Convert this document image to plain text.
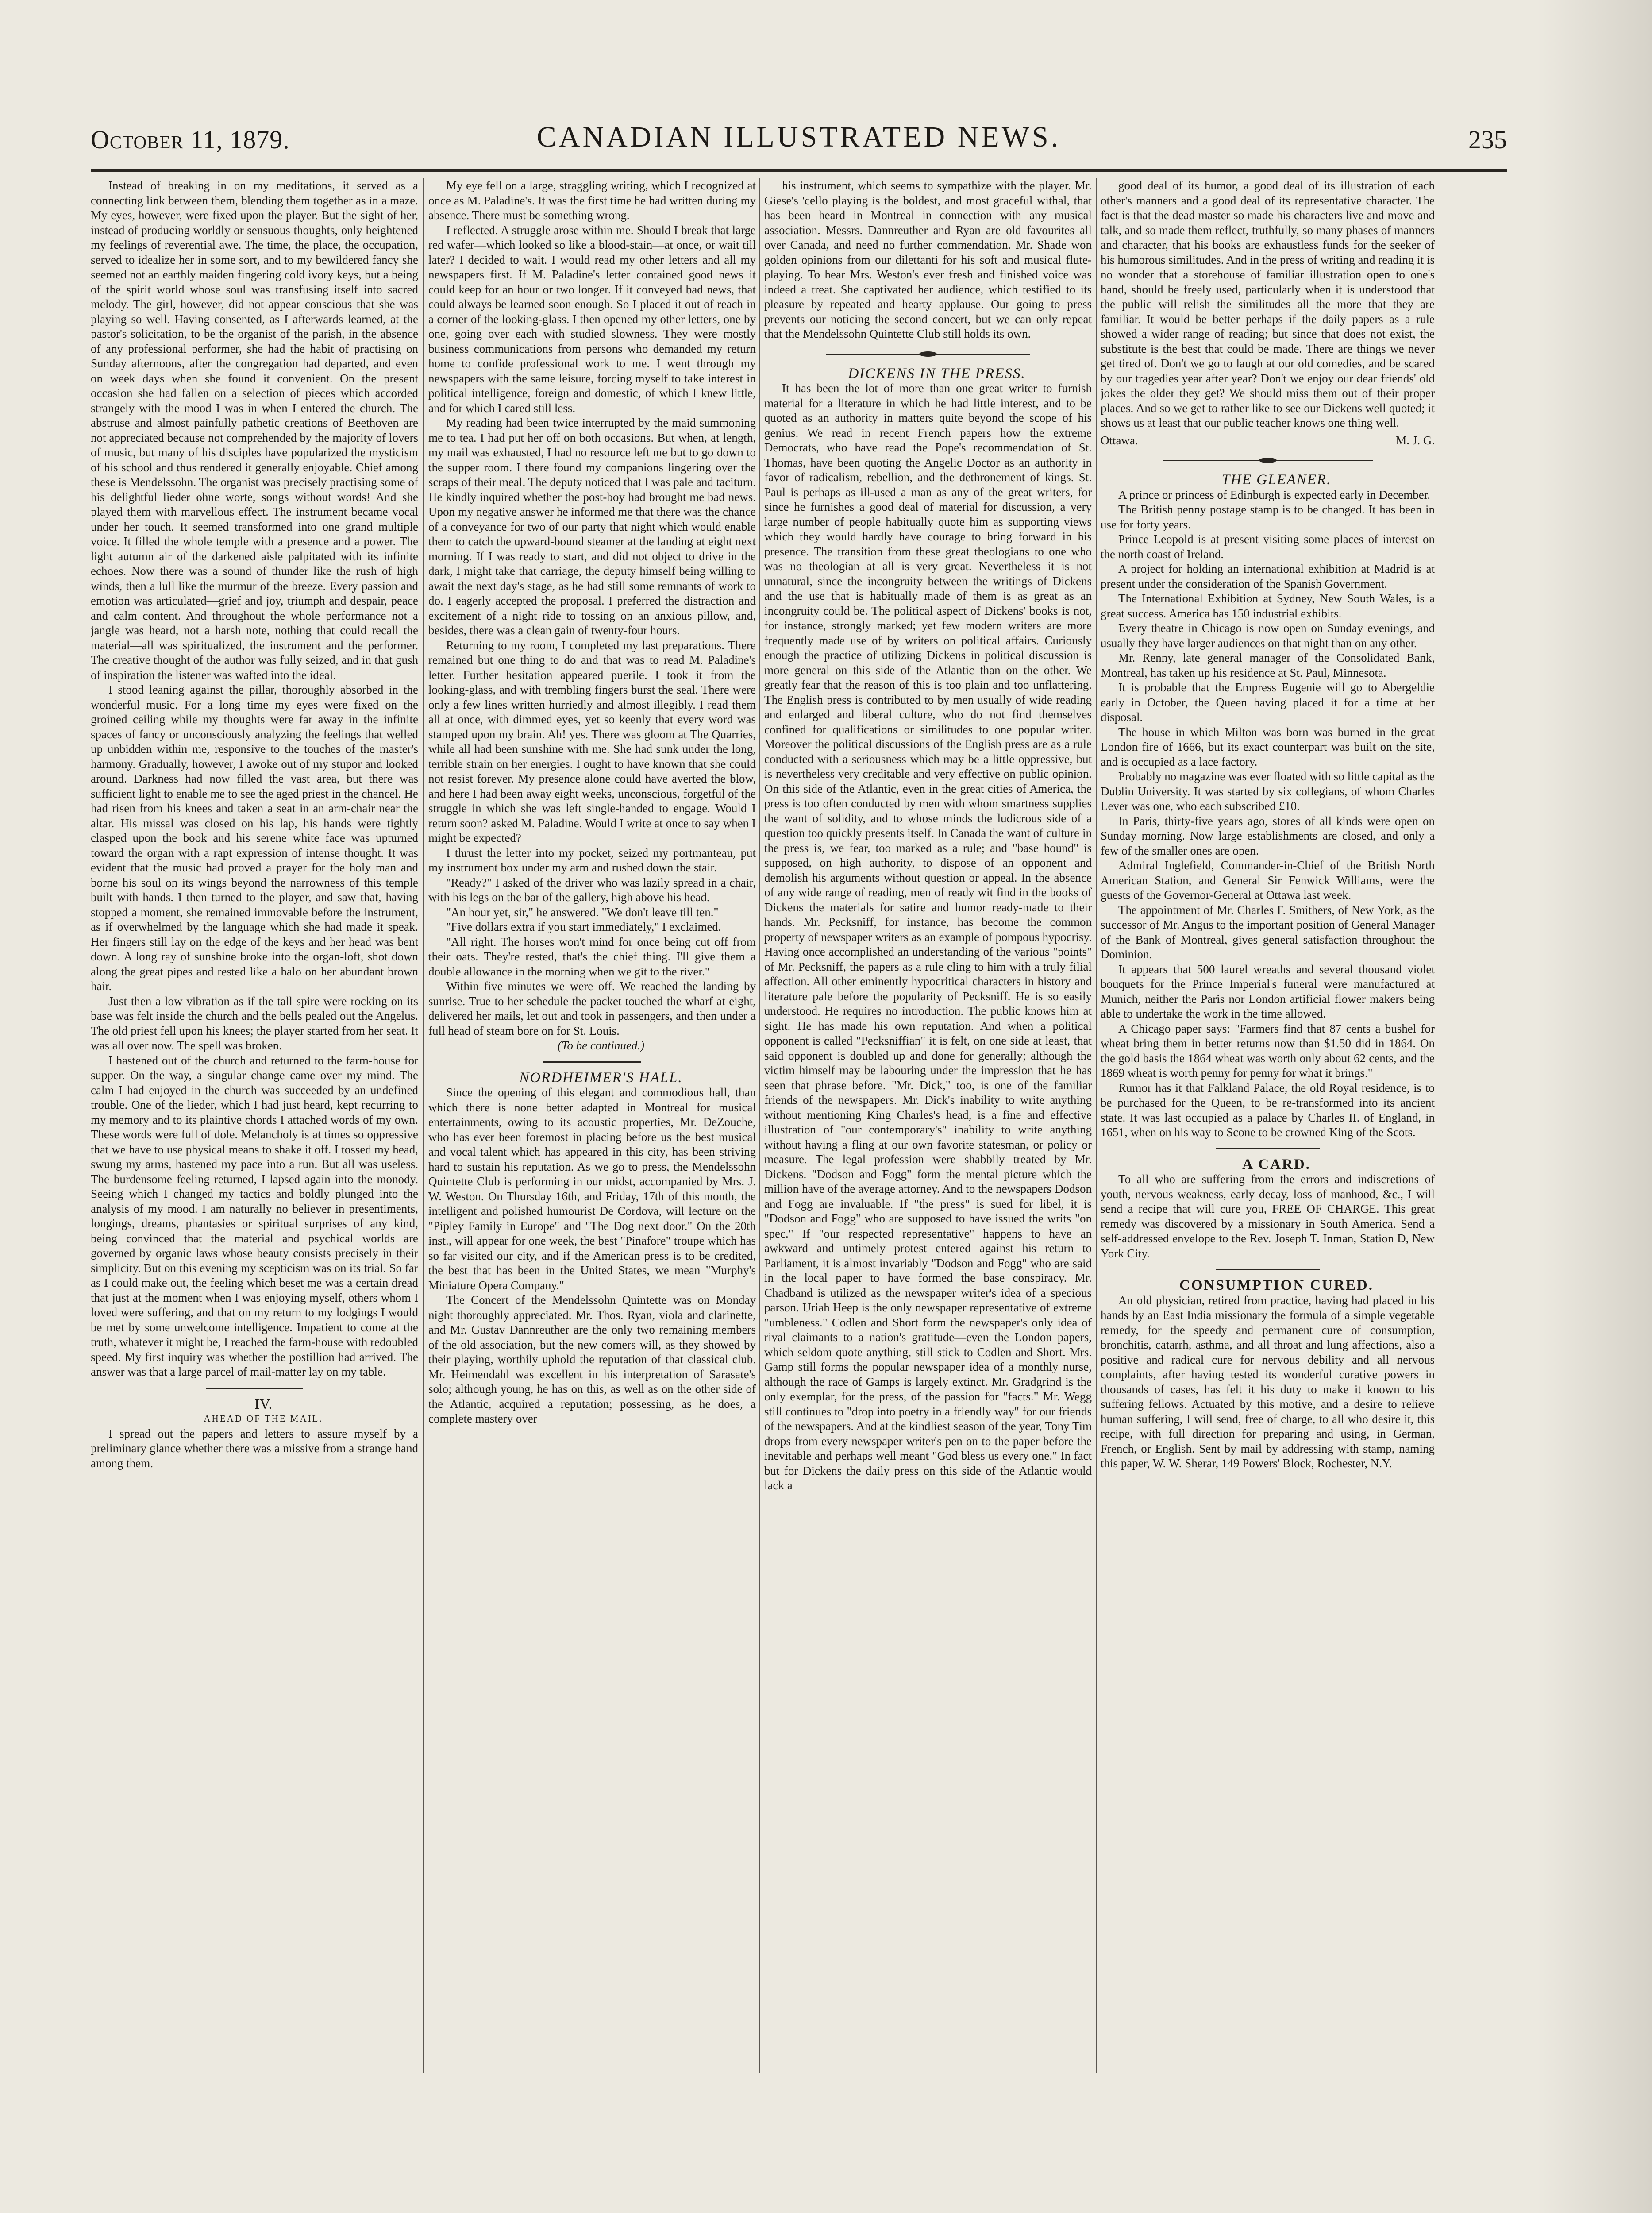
October 11, 1879.	CANADIAN ILLUSTRATED NEWS.	235

Instead of breaking in on my meditations, it served as a connecting link between them, blending them together as in a maze. My eyes, however, were fixed upon the player. But the sight of her, instead of producing worldly or sensuous thoughts, only heightened my feelings of reverential awe. The time, the place, the occupation, served to idealize her in some sort, and to my bewildered fancy she seemed not an earthly maiden fingering cold ivory keys, but a being of the spirit world whose soul was transfusing itself into sacred melody. The girl, however, did not appear conscious that she was playing so well. Having consented, as I afterwards learned, at the pastor's solicitation, to be the organist of the parish, in the absence of any professional performer, she had the habit of practising on Sunday afternoons, after the congregation had departed, and even on week days when she found it convenient. On the present occasion she had fallen on a selection of pieces which accorded strangely with the mood I was in when I entered the church. The abstruse and almost painfully pathetic creations of Beethoven are not appreciated because not comprehended by the majority of lovers of music, but many of his disciples have popularized the mysticism of his school and thus rendered it generally enjoyable. Chief among these is Mendelssohn. The organist was precisely practising some of his delightful lieder ohne worte, songs without words! And she played them with marvellous effect. The instrument became vocal under her touch. It seemed transformed into one grand multiple voice. It filled the whole temple with a presence and a power. The light autumn air of the darkened aisle palpitated with its infinite echoes. Now there was a sound of thunder like the rush of high winds, then a lull like the murmur of the breeze. Every passion and emotion was articulated—grief and joy, triumph and despair, peace and calm content. And throughout the whole performance not a jangle was heard, not a harsh note, nothing that could recall the material—all was spiritualized, the instrument and the performer. The creative thought of the author was fully seized, and in that gush of inspiration the listener was wafted into the ideal.

I stood leaning against the pillar, thoroughly absorbed in the wonderful music. For a long time my eyes were fixed on the groined ceiling while my thoughts were far away in the infinite spaces of fancy or unconsciously analyzing the feelings that welled up unbidden within me, responsive to the touches of the master's harmony. Gradually, however, I awoke out of my stupor and looked around. Darkness had now filled the vast area, but there was sufficient light to enable me to see the aged priest in the chancel. He had risen from his knees and taken a seat in an arm-chair near the altar. His missal was closed on his lap, his hands were tightly clasped upon the book and his serene white face was upturned toward the organ with a rapt expression of intense thought. It was evident that the music had proved a prayer for the holy man and borne his soul on its wings beyond the narrowness of this temple built with hands. I then turned to the player, and saw that, having stopped a moment, she remained immovable before the instrument, as if overwhelmed by the language which she had made it speak. Her fingers still lay on the edge of the keys and her head was bent down. A long ray of sunshine broke into the organ-loft, shot down along the great pipes and rested like a halo on her abundant brown hair.

Just then a low vibration as if the tall spire were rocking on its base was felt inside the church and the bells pealed out the Angelus. The old priest fell upon his knees; the player started from her seat. It was all over now. The spell was broken.

I hastened out of the church and returned to the farm-house for supper. On the way, a singular change came over my mind. The calm I had enjoyed in the church was succeeded by an undefined trouble. One of the lieder, which I had just heard, kept recurring to my memory and to its plaintive chords I attached words of my own. These words were full of dole. Melancholy is at times so oppressive that we have to use physical means to shake it off. I tossed my head, swung my arms, hastened my pace into a run. But all was useless. The burdensome feeling returned, I lapsed again into the monody. Seeing which I changed my tactics and boldly plunged into the analysis of my mood. I am naturally no believer in presentiments, longings, dreams, phantasies or spiritual surprises of any kind, being convinced that the material and psychical worlds are governed by organic laws whose beauty consists precisely in their simplicity. But on this evening my scepticism was on its trial. So far as I could make out, the feeling which beset me was a certain dread that just at the moment when I was enjoying myself, others whom I loved were suffering, and that on my return to my lodgings I would be met by some unwelcome intelligence. Impatient to come at the truth, whatever it might be, I reached the farm-house with redoubled speed. My first inquiry was whether the postillion had arrived. The answer was that a large parcel of mail-matter lay on my table.

IV.

AHEAD OF THE MAIL.

I spread out the papers and letters to assure myself by a preliminary glance whether there was a missive from a strange hand among them.

My eye fell on a large, straggling writing, which I recognized at once as M. Paladine's. It was the first time he had written during my absence. There must be something wrong.

I reflected. A struggle arose within me. Should I break that large red wafer—which looked so like a blood-stain—at once, or wait till later? I decided to wait. I would read my other letters and all my newspapers first. If M. Paladine's letter contained good news it could keep for an hour or two longer. If it conveyed bad news, that could always be learned soon enough. So I placed it out of reach in a corner of the looking-glass. I then opened my other letters, one by one, going over each with studied slowness. They were mostly business communications from persons who demanded my return home to confide professional work to me. I went through my newspapers with the same leisure, forcing myself to take interest in political intelligence, foreign and domestic, of which I knew little, and for which I cared still less.

My reading had been twice interrupted by the maid summoning me to tea. I had put her off on both occasions. But when, at length, my mail was exhausted, I had no resource left me but to go down to the supper room. I there found my companions lingering over the scraps of their meal. The deputy noticed that I was pale and taciturn. He kindly inquired whether the post-boy had brought me bad news. Upon my negative answer he informed me that there was the chance of a conveyance for two of our party that night which would enable them to catch the upward-bound steamer at the landing at eight next morning. If I was ready to start, and did not object to drive in the dark, I might take that carriage, the deputy himself being willing to await the next day's stage, as he had still some remnants of work to do. I eagerly accepted the proposal. I preferred the distraction and excitement of a night ride to tossing on an anxious pillow, and, besides, there was a clean gain of twenty-four hours.

Returning to my room, I completed my last preparations. There remained but one thing to do and that was to read M. Paladine's letter. Further hesitation appeared puerile. I took it from the looking-glass, and with trembling fingers burst the seal. There were only a few lines written hurriedly and almost illegibly. I read them all at once, with dimmed eyes, yet so keenly that every word was stamped upon my brain. Ah! yes. There was gloom at The Quarries, while all had been sunshine with me. She had sunk under the long, terrible strain on her energies. I ought to have known that she could not resist forever. My presence alone could have averted the blow, and here I had been away eight weeks, unconscious, forgetful of the struggle in which she was left single-handed to engage. Would I return soon? asked M. Paladine. Would I write at once to say when I might be expected?

I thrust the letter into my pocket, seized my portmanteau, put my instrument box under my arm and rushed down the stair.

"Ready?" I asked of the driver who was lazily spread in a chair, with his legs on the bar of the gallery, high above his head.

"An hour yet, sir," he answered. "We don't leave till ten."

"Five dollars extra if you start immediately," I exclaimed.

"All right. The horses won't mind for once being cut off from their oats. They're rested, that's the chief thing. I'll give them a double allowance in the morning when we git to the river."

Within five minutes we were off. We reached the landing by sunrise. True to her schedule the packet touched the wharf at eight, delivered her mails, let out and took in passengers, and then under a full head of steam bore on for St. Louis.

(To be continued.)

NORDHEIMER'S HALL.

Since the opening of this elegant and commodious hall, than which there is none better adapted in Montreal for musical entertainments, owing to its acoustic properties, Mr. DeZouche, who has ever been foremost in placing before us the best musical and vocal talent which has appeared in this city, has been striving hard to sustain his reputation. As we go to press, the Mendelssohn Quintette Club is performing in our midst, accompanied by Mrs. J. W. Weston. On Thursday 16th, and Friday, 17th of this month, the intelligent and polished humourist De Cordova, will lecture on the "Pipley Family in Europe" and "The Dog next door." On the 20th inst., will appear for one week, the best "Pinafore" troupe which has so far visited our city, and if the American press is to be credited, the best that has been in the United States, we mean "Murphy's Miniature Opera Company."

The Concert of the Mendelssohn Quintette was on Monday night thoroughly appreciated. Mr. Thos. Ryan, viola and clarinette, and Mr. Gustav Dannreuther are the only two remaining members of the old association, but the new comers will, as they showed by their playing, worthily uphold the reputation of that classical club. Mr. Heimendahl was excellent in his interpretation of Sarasate's solo; although young, he has on this, as well as on the other side of the Atlantic, acquired a reputation; possessing, as he does, a complete mastery over

his instrument, which seems to sympathize with the player. Mr. Giese's 'cello playing is the boldest, and most graceful withal, that has been heard in Montreal in connection with any musical association. Messrs. Dannreuther and Ryan are old favourites all over Canada, and need no further commendation. Mr. Shade won golden opinions from our dilettanti for his soft and musical flute-playing. To hear Mrs. Weston's ever fresh and finished voice was indeed a treat. She captivated her audience, which testified to its pleasure by repeated and hearty applause. Our going to press prevents our noticing the second concert, but we can only repeat that the Mendelssohn Quintette Club still holds its own.

DICKENS IN THE PRESS.

It has been the lot of more than one great writer to furnish material for a literature in which he had little interest, and to be quoted as an authority in matters quite beyond the scope of his genius. We read in recent French papers how the extreme Democrats, who have read the Pope's recommendation of St. Thomas, have been quoting the Angelic Doctor as an authority in favor of radicalism, rebellion, and the dethronement of kings. St. Paul is perhaps as ill-used a man as any of the great writers, for since he furnishes a good deal of material for discussion, a very large number of people habitually quote him as supporting views which they would hardly have courage to bring forward in his presence. The transition from these great theologians to one who was no theologian at all is very great. Nevertheless it is not unnatural, since the incongruity between the writings of Dickens and the use that is habitually made of them is as great as an incongruity could be. The political aspect of Dickens' books is not, for instance, strongly marked; yet few modern writers are more frequently made use of by writers on political affairs. Curiously enough the practice of utilizing Dickens in political discussion is more general on this side of the Atlantic than on the other. We greatly fear that the reason of this is too plain and too unflattering. The English press is contributed to by men usually of wide reading and enlarged and liberal culture, who do not find themselves confined for qualifications or similitudes to one popular writer. Moreover the political discussions of the English press are as a rule conducted with a seriousness which may be a little oppressive, but is nevertheless very creditable and very effective on public opinion. On this side of the Atlantic, even in the great cities of America, the press is too often conducted by men with whom smartness supplies the want of solidity, and to whose minds the ludicrous side of a question too quickly presents itself. In Canada the want of culture in the press is, we fear, too marked as a rule; and "base hound" is supposed, on high authority, to dispose of an opponent and demolish his arguments without question or appeal. In the absence of any wide range of reading, men of ready wit find in the books of Dickens the materials for satire and humor ready-made to their hands. Mr. Pecksniff, for instance, has become the common property of newspaper writers as an example of pompous hypocrisy. Having once accomplished an understanding of the various "points" of Mr. Pecksniff, the papers as a rule cling to him with a truly filial affection. All other eminently hypocritical characters in history and literature pale before the popularity of Pecksniff. He is so easily understood. He requires no introduction. The public knows him at sight. He has made his own reputation. And when a political opponent is called "Pecksniffian" it is felt, on one side at least, that said opponent is doubled up and done for generally; although the victim himself may be labouring under the impression that he has seen that phrase before. "Mr. Dick," too, is one of the familiar friends of the newspapers. Mr. Dick's inability to write anything without mentioning King Charles's head, is a fine and effective illustration of "our contemporary's" inability to write anything without having a fling at our own favorite statesman, or policy or measure. The legal profession were shabbily treated by Mr. Dickens. "Dodson and Fogg" form the mental picture which the million have of the average attorney. And to the newspapers Dodson and Fogg are invaluable. If "the press" is sued for libel, it is "Dodson and Fogg" who are supposed to have issued the writs "on spec." If "our respected representative" happens to have an awkward and untimely protest entered against his return to Parliament, it is almost invariably "Dodson and Fogg" who are said in the local paper to have formed the base conspiracy. Mr. Chadband is utilized as the newspaper writer's idea of a specious parson. Uriah Heep is the only newspaper representative of extreme "umbleness." Codlen and Short form the newspaper's only idea of rival claimants to a nation's gratitude—even the London papers, which seldom quote anything, still stick to Codlen and Short. Mrs. Gamp still forms the popular newspaper idea of a monthly nurse, although the race of Gamps is largely extinct. Mr. Gradgrind is the only exemplar, for the press, of the passion for "facts." Mr. Wegg still continues to "drop into poetry in a friendly way" for our friends of the newspapers. And at the kindliest season of the year, Tony Tim drops from every newspaper writer's pen on to the paper before the inevitable and perhaps well meant "God bless us every one." In fact but for Dickens the daily press on this side of the Atlantic would lack a

good deal of its humor, a good deal of its illustration of each other's manners and a good deal of its representative character. The fact is that the dead master so made his characters live and move and talk, and so made them reflect, truthfully, so many phases of manners and character, that his books are exhaustless funds for the seeker of his humorous similitudes. And in the press of writing and reading it is no wonder that a storehouse of familiar illustration open to one's hand, should be freely used, particularly when it is understood that the public will relish the similitudes all the more that they are familiar. It would be better perhaps if the daily papers as a rule showed a wider range of reading; but since that does not exist, the substitute is the best that could be made. There are things we never get tired of. Don't we go to laugh at our old comedies, and be scared by our tragedies year after year? Don't we enjoy our dear friends' old jokes the older they get? We should miss them out of their proper places. And so we get to rather like to see our Dickens well quoted; it shows us at least that our public teacher knows one thing well.

Ottawa.	M. J. G.

THE GLEANER.

A prince or princess of Edinburgh is expected early in December.

The British penny postage stamp is to be changed. It has been in use for forty years.

Prince Leopold is at present visiting some places of interest on the north coast of Ireland.

A project for holding an international exhibition at Madrid is at present under the consideration of the Spanish Government.

The International Exhibition at Sydney, New South Wales, is a great success. America has 150 industrial exhibits.

Every theatre in Chicago is now open on Sunday evenings, and usually they have larger audiences on that night than on any other.

Mr. Renny, late general manager of the Consolidated Bank, Montreal, has taken up his residence at St. Paul, Minnesota.

It is probable that the Empress Eugenie will go to Abergeldie early in October, the Queen having placed it for a time at her disposal.

The house in which Milton was born was burned in the great London fire of 1666, but its exact counterpart was built on the site, and is occupied as a lace factory.

Probably no magazine was ever floated with so little capital as the Dublin University. It was started by six collegians, of whom Charles Lever was one, who each subscribed £10.

In Paris, thirty-five years ago, stores of all kinds were open on Sunday morning. Now large establishments are closed, and only a few of the smaller ones are open.

Admiral Inglefield, Commander-in-Chief of the British North American Station, and General Sir Fenwick Williams, were the guests of the Governor-General at Ottawa last week.

The appointment of Mr. Charles F. Smithers, of New York, as the successor of Mr. Angus to the important position of General Manager of the Bank of Montreal, gives general satisfaction throughout the Dominion.

It appears that 500 laurel wreaths and several thousand violet bouquets for the Prince Imperial's funeral were manufactured at Munich, neither the Paris nor London artificial flower makers being able to undertake the work in the time allowed.

A Chicago paper says: "Farmers find that 87 cents a bushel for wheat bring them in better returns now than $1.50 did in 1864. On the gold basis the 1864 wheat was worth only about 62 cents, and the 1869 wheat is worth penny for penny for what it brings."

Rumor has it that Falkland Palace, the old Royal residence, is to be purchased for the Queen, to be re-transformed into its ancient state. It was last occupied as a palace by Charles II. of England, in 1651, when on his way to Scone to be crowned King of the Scots.

A CARD.

To all who are suffering from the errors and indiscretions of youth, nervous weakness, early decay, loss of manhood, &c., I will send a recipe that will cure you, FREE OF CHARGE. This great remedy was discovered by a missionary in South America. Send a self-addressed envelope to the Rev. Joseph T. Inman, Station D, New York City.

CONSUMPTION CURED.

An old physician, retired from practice, having had placed in his hands by an East India missionary the formula of a simple vegetable remedy, for the speedy and permanent cure of consumption, bronchitis, catarrh, asthma, and all throat and lung affections, also a positive and radical cure for nervous debility and all nervous complaints, after having tested its wonderful curative powers in thousands of cases, has felt it his duty to make it known to his suffering fellows. Actuated by this motive, and a desire to relieve human suffering, I will send, free of charge, to all who desire it, this recipe, with full direction for preparing and using, in German, French, or English. Sent by mail by addressing with stamp, naming this paper, W. W. Sherar, 149 Powers' Block, Rochester, N.Y.
